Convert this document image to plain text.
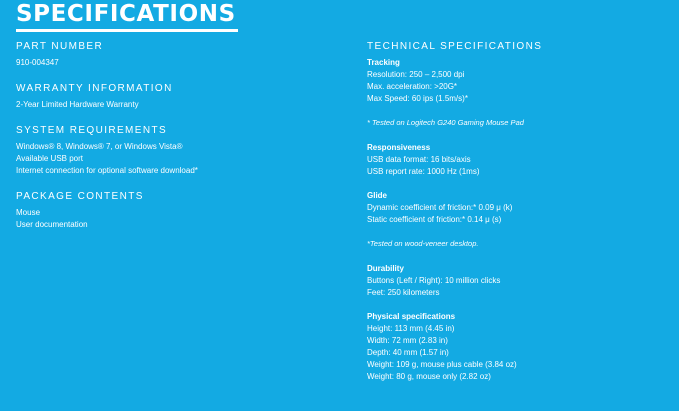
SPECIFICATIONS
PART NUMBER

910-004347

WARRANTY INFORMATION

2-Year Limited Hardware Warranty

SYSTEM REQUIREMENTS

Windows® 8, Windows® 7, or Windows Vista®

Available USB port

Internet connection for optional software download*

PACKAGE CONTENTS

Mouse

User documentation

TECHNICAL SPECIFICATIONS

Tracking

Resolution: 250 – 2,500 dpi

Max. acceleration: >20G*

Max Speed: 60 ips (1.5m/s)*

* Tested on Logitech G240 Gaming Mouse Pad

Responsiveness

USB data format: 16 bits/axis

USB report rate: 1000 Hz (1ms)

Glide

Dynamic coefficient of friction:* 0.09 μ (k)

Static coefficient of friction:* 0.14 μ (s)

*Tested on wood-veneer desktop.

Durability

Buttons (Left / Right): 10 million clicks

Feet: 250 kilometers

Physical specifications

Height: 113 mm (4.45 in)

Width: 72 mm (2.83 in)

Depth: 40 mm (1.57 in)

Weight: 109 g, mouse plus cable (3.84 oz)

Weight: 80 g, mouse only (2.82 oz)
